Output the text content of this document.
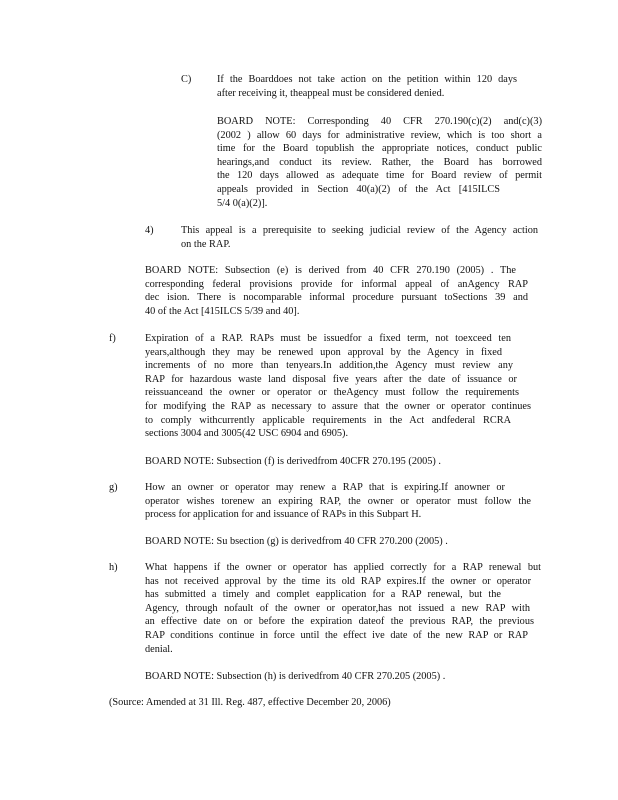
C) If the Boarddoes not take action on the petition within 120 days
after receiving it, theappeal must be considered denied.
BOARD NOTE: Corresponding 40 CFR 270.190(c)(2) and(c)(3)
(2002 ) allow 60 days for administrative review, which is too short a
time for the Board topublish the appropriate notices, conduct public
hearings,and conduct its review. Rather, the Board has borrowed
the 120 days allowed as adequate time for Board review of permit
appeals provided in Section 40(a)(2) of the Act [415ILCS
5/4 0(a)(2)].
4)	This appeal is a prerequisite to seeking judicial review of the Agency action
on the RAP.
BOARD NOTE: Subsection (e) is derived from 40 CFR 270.190 (2005) . The
corresponding federal provisions provide for informal appeal of anAgency RAP
dec ision. There is nocomparable informal procedure pursuant toSections 39 and
40 of the Act [415ILCS 5/39 and 40].
f)	Expiration of a RAP. RAPs must be issuedfor a fixed term, not toexceed ten
years,although they may be renewed upon approval by the Agency in fixed
increments of no more than tenyears.In addition,the Agency must review any
RAP for hazardous waste land disposal five years after the date of issuance or
reissuanceand the owner or operator or theAgency must follow the requirements
for modifying the RAP as necessary to assure that the owner or operator continues
to comply withcurrently applicable requirements in the Act andfederal RCRA
sections 3004 and 3005(42 USC 6904 and 6905).
BOARD NOTE: Subsection (f) is derivedfrom 40CFR 270.195 (2005) .
g)	How an owner or operator may renew a RAP that is expiring.If anowner or
operator wishes torenew an expiring RAP, the owner or operator must follow the
process for application for and issuance of RAPs in this Subpart H.
BOARD NOTE: Su bsection (g) is derivedfrom 40 CFR 270.200 (2005) .
h)	What happens if the owner or operator has applied correctly for a RAP renewal but
has not received approval by the time its old RAP expires.If the owner or operator
has submitted a timely and complet eapplication for a RAP renewal, but the
Agency, through nofault of the owner or operator,has not issued a new RAP with
an effective date on or before the expiration dateof the previous RAP, the previous
RAP conditions continue in force until the effect ive date of the new RAP or RAP
denial.
BOARD NOTE: Subsection (h) is derivedfrom 40 CFR 270.205 (2005) .
(Source: Amended at 31 Ill. Reg. 487, effective December 20, 2006)
